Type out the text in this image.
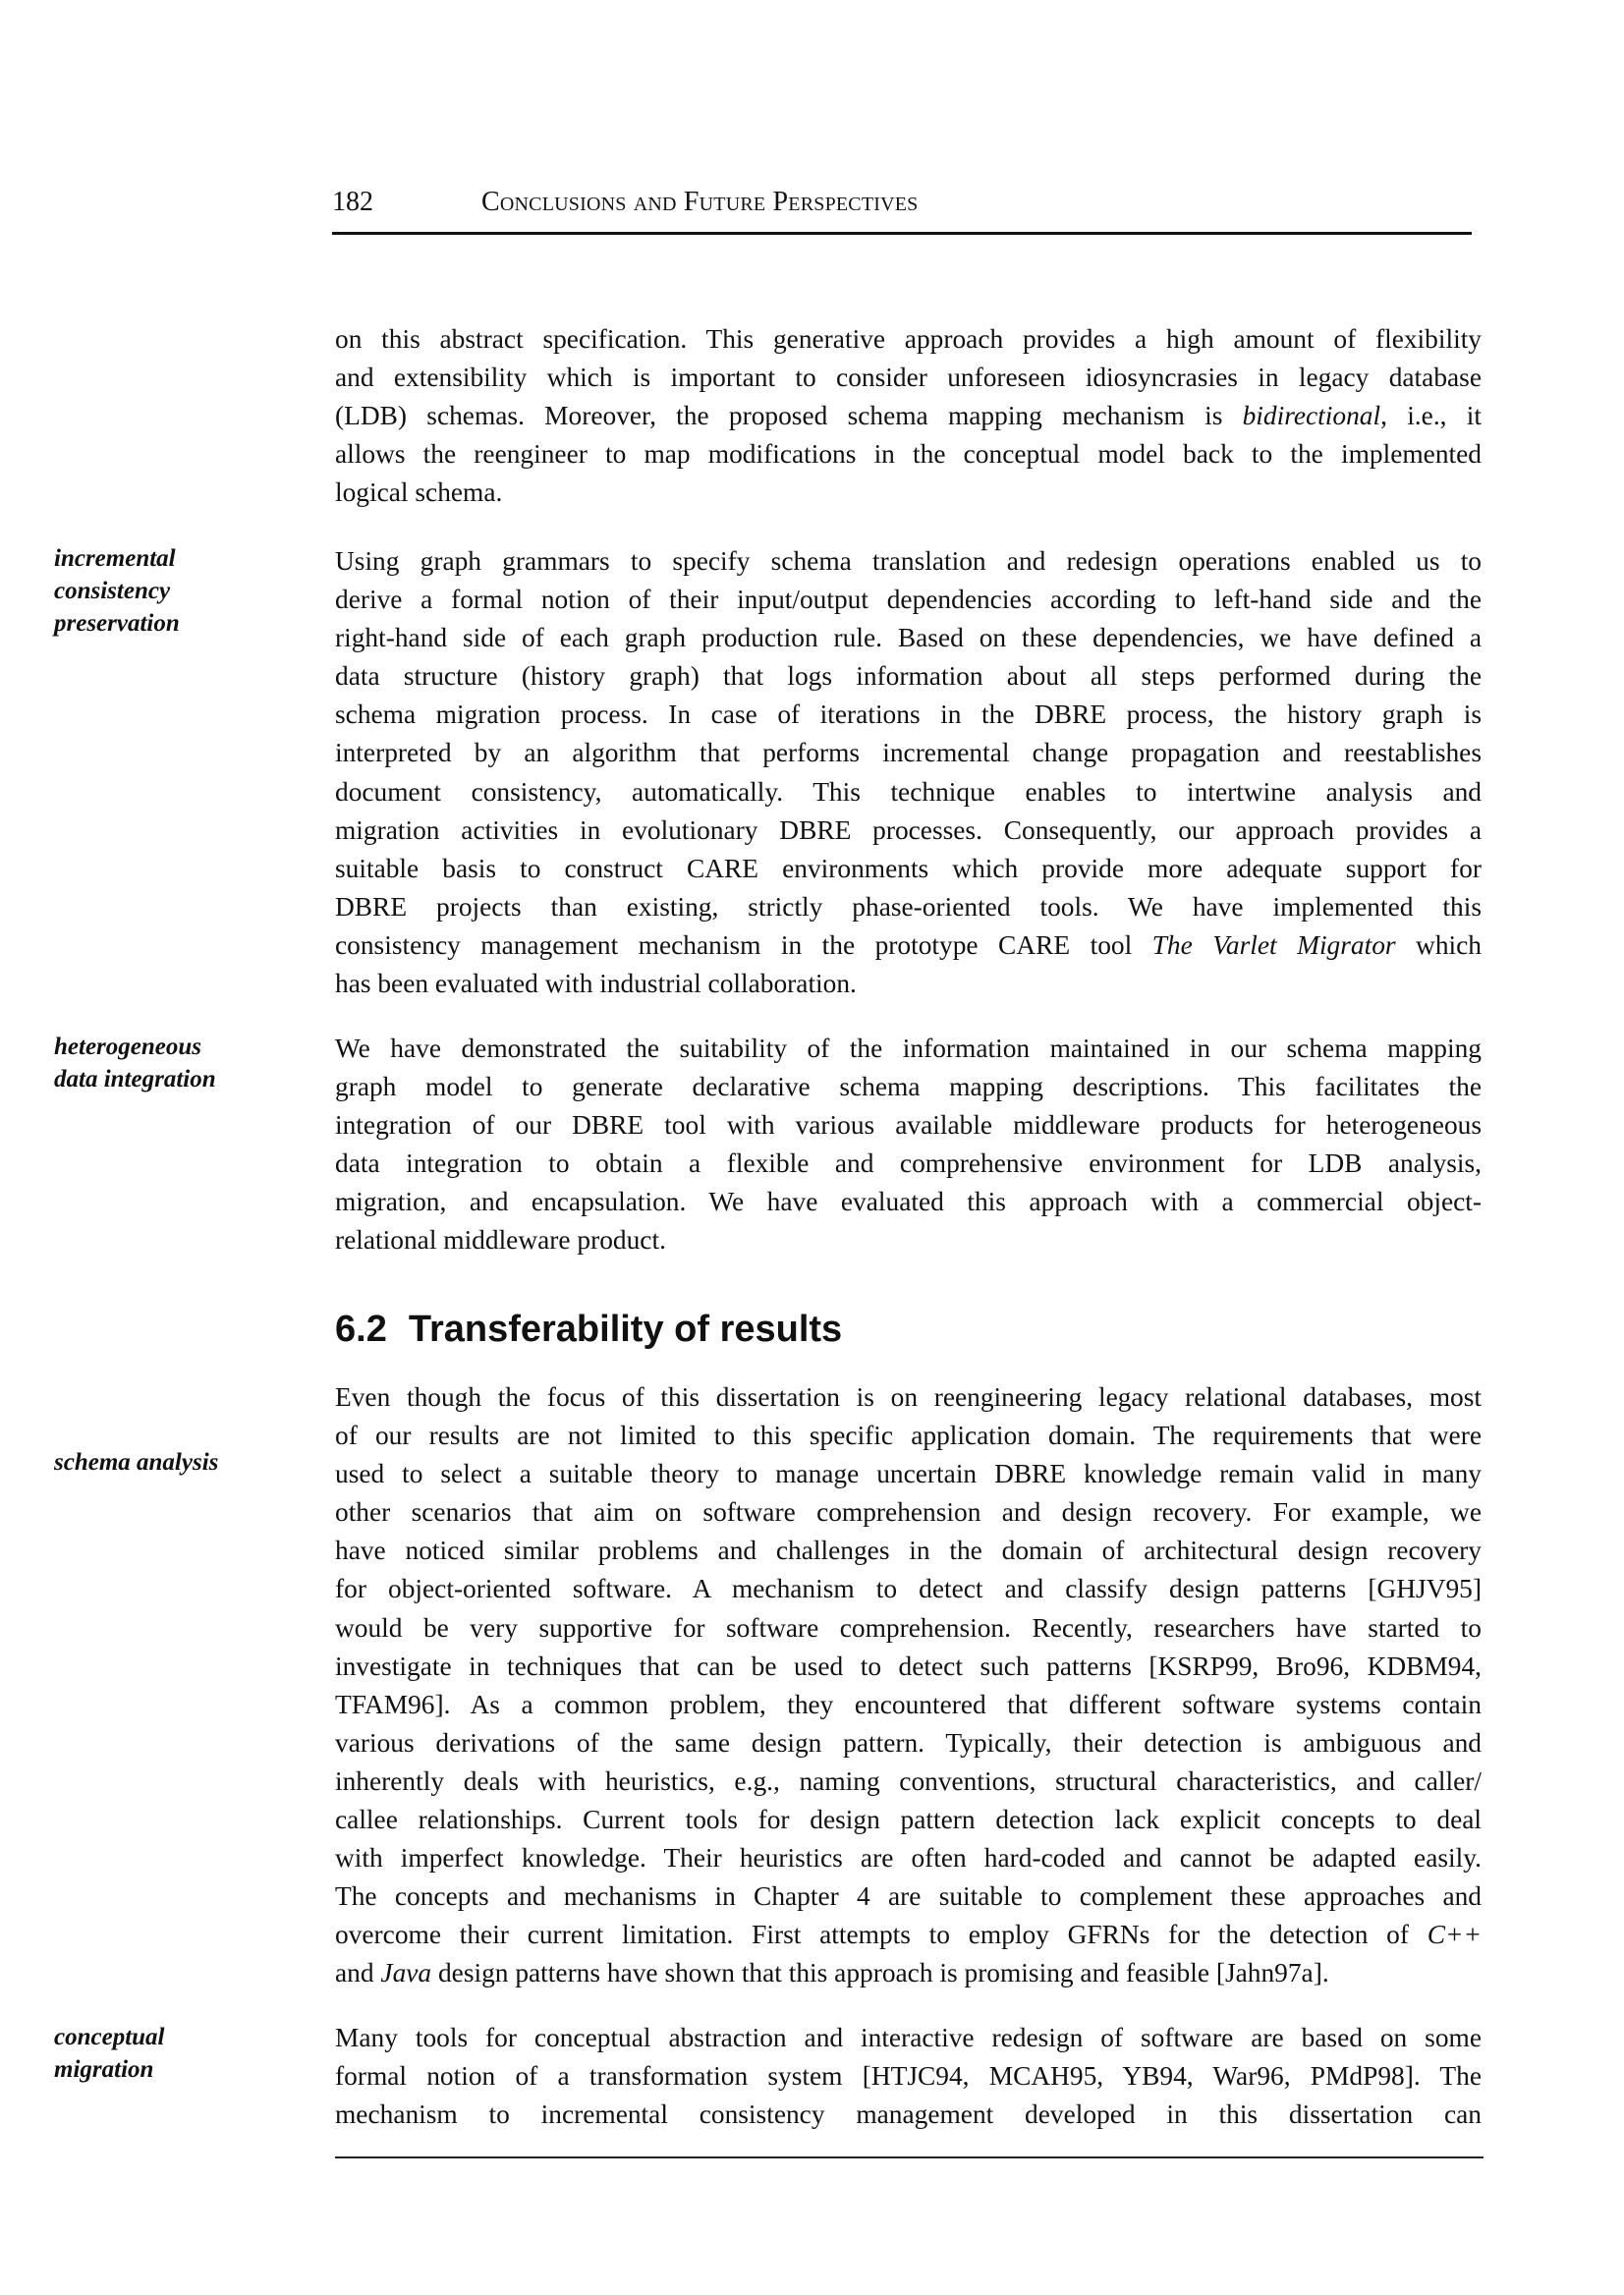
182	Conclusions and Future Perspectives
on this abstract specification. This generative approach provides a high amount of flexibility
and extensibility which is important to consider unforeseen idiosyncrasies in legacy database
(LDB) schemas. Moreover, the proposed schema mapping mechanism is bidirectional, i.e., it
allows the reengineer to map modifications in the conceptual model back to the implemented
logical schema.
incremental
consistency
preservation
Using graph grammars to specify schema translation and redesign operations enabled us to
derive a formal notion of their input/output dependencies according to left-hand side and the
right-hand side of each graph production rule. Based on these dependencies, we have defined a
data structure (history graph) that logs information about all steps performed during the
schema migration process. In case of iterations in the DBRE process, the history graph is
interpreted by an algorithm that performs incremental change propagation and reestablishes
document consistency, automatically. This technique enables to intertwine analysis and
migration activities in evolutionary DBRE processes. Consequently, our approach provides a
suitable basis to construct CARE environments which provide more adequate support for
DBRE projects than existing, strictly phase-oriented tools. We have implemented this
consistency management mechanism in the prototype CARE tool The Varlet Migrator which
has been evaluated with industrial collaboration.
heterogeneous
data integration
We have demonstrated the suitability of the information maintained in our schema mapping
graph model to generate declarative schema mapping descriptions. This facilitates the
integration of our DBRE tool with various available middleware products for heterogeneous
data integration to obtain a flexible and comprehensive environment for LDB analysis,
migration, and encapsulation. We have evaluated this approach with a commercial object-
relational middleware product.
6.2 Transferability of results
schema analysis
Even though the focus of this dissertation is on reengineering legacy relational databases, most
of our results are not limited to this specific application domain. The requirements that were
used to select a suitable theory to manage uncertain DBRE knowledge remain valid in many
other scenarios that aim on software comprehension and design recovery. For example, we
have noticed similar problems and challenges in the domain of architectural design recovery
for object-oriented software. A mechanism to detect and classify design patterns [GHJV95]
would be very supportive for software comprehension. Recently, researchers have started to
investigate in techniques that can be used to detect such patterns [KSRP99, Bro96, KDBM94,
TFAM96]. As a common problem, they encountered that different software systems contain
various derivations of the same design pattern. Typically, their detection is ambiguous and
inherently deals with heuristics, e.g., naming conventions, structural characteristics, and caller/
callee relationships. Current tools for design pattern detection lack explicit concepts to deal
with imperfect knowledge. Their heuristics are often hard-coded and cannot be adapted easily.
The concepts and mechanisms in Chapter 4 are suitable to complement these approaches and
overcome their current limitation. First attempts to employ GFRNs for the detection of C++
and Java design patterns have shown that this approach is promising and feasible [Jahn97a].
conceptual
migration
Many tools for conceptual abstraction and interactive redesign of software are based on some
formal notion of a transformation system [HTJC94, MCAH95, YB94, War96, PMdP98]. The
mechanism to incremental consistency management developed in this dissertation can
